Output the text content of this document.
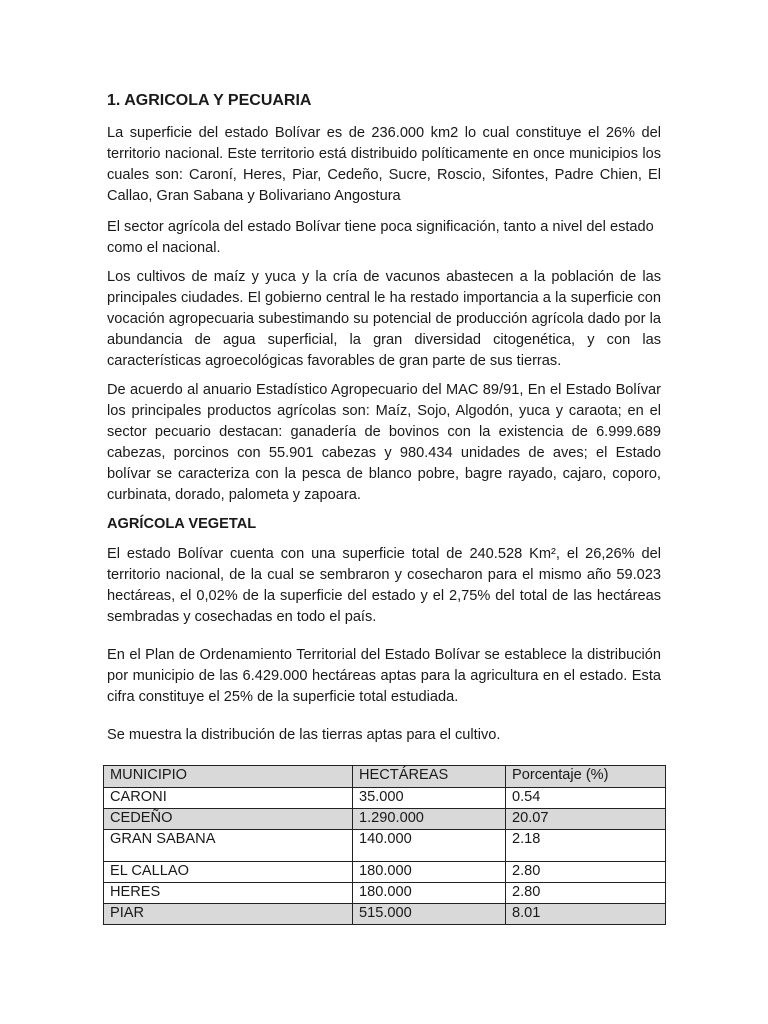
1. AGRICOLA Y PECUARIA

La superficie del estado Bolívar es de 236.000 km2 lo cual constituye el 26% del territorio nacional. Este territorio está distribuido políticamente en once municipios los cuales son: Caroní, Heres, Piar, Cedeño, Sucre, Roscio, Sifontes, Padre Chien, El Callao, Gran Sabana y Bolivariano Angostura

El sector agrícola del estado Bolívar tiene poca significación, tanto a nivel del estado como el nacional.

Los cultivos de maíz y yuca y la cría de vacunos abastecen a la población de las principales ciudades. El gobierno central le ha restado importancia a la superficie con vocación agropecuaria subestimando su potencial de producción agrícola dado por la abundancia de agua superficial, la gran diversidad citogenética, y con las características agroecológicas favorables de gran parte de sus tierras.

De acuerdo al anuario Estadístico Agropecuario del MAC 89/91, En el Estado Bolívar los principales productos agrícolas son: Maíz, Sojo, Algodón, yuca y caraota; en el sector pecuario destacan: ganadería de bovinos con la existencia de 6.999.689 cabezas, porcinos con 55.901 cabezas y 980.434 unidades de aves; el Estado bolívar se caracteriza con la pesca de blanco pobre, bagre rayado, cajaro, coporo, curbinata, dorado, palometa y zapoara.

AGRÍCOLA VEGETAL

El estado Bolívar cuenta con una superficie total de 240.528 Km², el 26,26% del territorio nacional, de la cual se sembraron y cosecharon para el mismo año 59.023 hectáreas, el 0,02% de la superficie del estado y el 2,75% del total de las hectáreas sembradas y cosechadas en todo el país.

En el Plan de Ordenamiento Territorial del Estado Bolívar se establece la distribución por municipio de las 6.429.000 hectáreas aptas para la agricultura en el estado. Esta cifra constituye el 25% de la superficie total estudiada.

Se muestra la distribución de las tierras aptas para el cultivo.

MUNICIPIO	HECTÁREAS	Porcentaje (%)
CARONI	35.000	0.54
CEDEÑO	1.290.000	20.07
GRAN SABANA	140.000	2.18
EL CALLAO	180.000	2.80
HERES	180.000	2.80
PIAR	515.000	8.01
